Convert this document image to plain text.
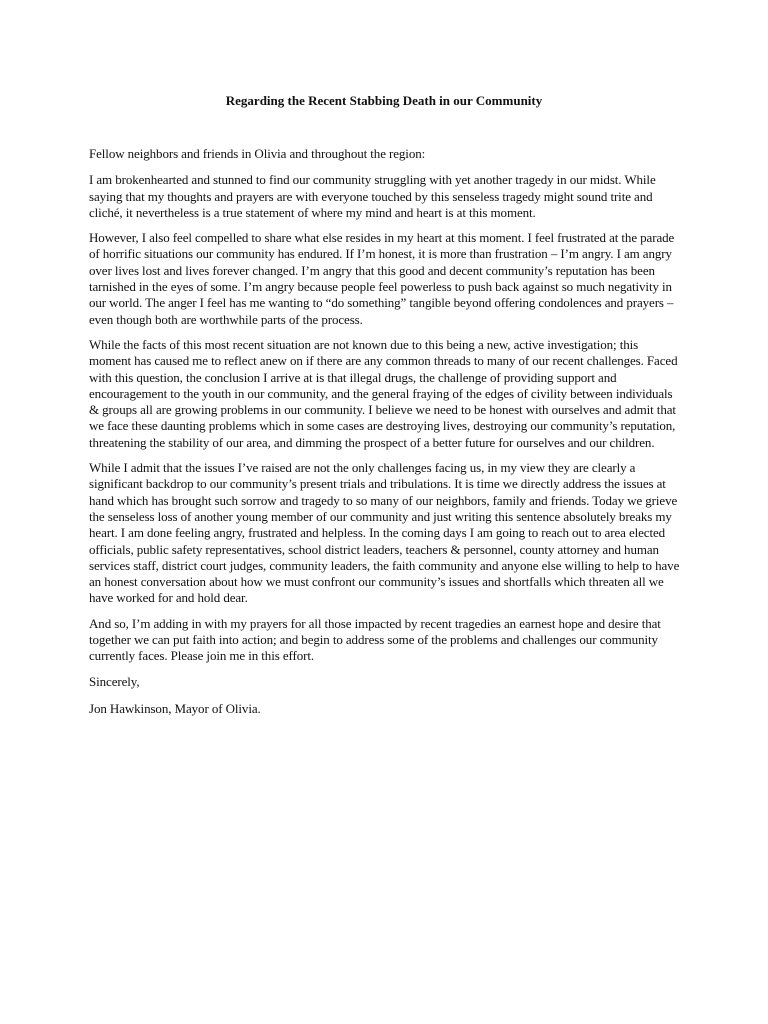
Regarding the Recent Stabbing Death in our Community

Fellow neighbors and friends in Olivia and throughout the region:

I am brokenhearted and stunned to find our community struggling with yet another tragedy in our midst. While saying that my thoughts and prayers are with everyone touched by this senseless tragedy might sound trite and cliché, it nevertheless is a true statement of where my mind and heart is at this moment.

However, I also feel compelled to share what else resides in my heart at this moment. I feel frustrated at the parade of horrific situations our community has endured. If I’m honest, it is more than frustration – I’m angry. I am angry over lives lost and lives forever changed. I’m angry that this good and decent community’s reputation has been tarnished in the eyes of some. I’m angry because people feel powerless to push back against so much negativity in our world. The anger I feel has me wanting to “do something” tangible beyond offering condolences and prayers – even though both are worthwhile parts of the process.

While the facts of this most recent situation are not known due to this being a new, active investigation; this moment has caused me to reflect anew on if there are any common threads to many of our recent challenges. Faced with this question, the conclusion I arrive at is that illegal drugs, the challenge of providing support and encouragement to the youth in our community, and the general fraying of the edges of civility between individuals & groups all are growing problems in our community. I believe we need to be honest with ourselves and admit that we face these daunting problems which in some cases are destroying lives, destroying our community’s reputation, threatening the stability of our area, and dimming the prospect of a better future for ourselves and our children.

While I admit that the issues I’ve raised are not the only challenges facing us, in my view they are clearly a significant backdrop to our community’s present trials and tribulations. It is time we directly address the issues at hand which has brought such sorrow and tragedy to so many of our neighbors, family and friends. Today we grieve the senseless loss of another young member of our community and just writing this sentence absolutely breaks my heart. I am done feeling angry, frustrated and helpless. In the coming days I am going to reach out to area elected officials, public safety representatives, school district leaders, teachers & personnel, county attorney and human services staff, district court judges, community leaders, the faith community and anyone else willing to help to have an honest conversation about how we must confront our community’s issues and shortfalls which threaten all we have worked for and hold dear.

And so, I’m adding in with my prayers for all those impacted by recent tragedies an earnest hope and desire that together we can put faith into action; and begin to address some of the problems and challenges our community currently faces. Please join me in this effort.

Sincerely,

Jon Hawkinson, Mayor of Olivia.
